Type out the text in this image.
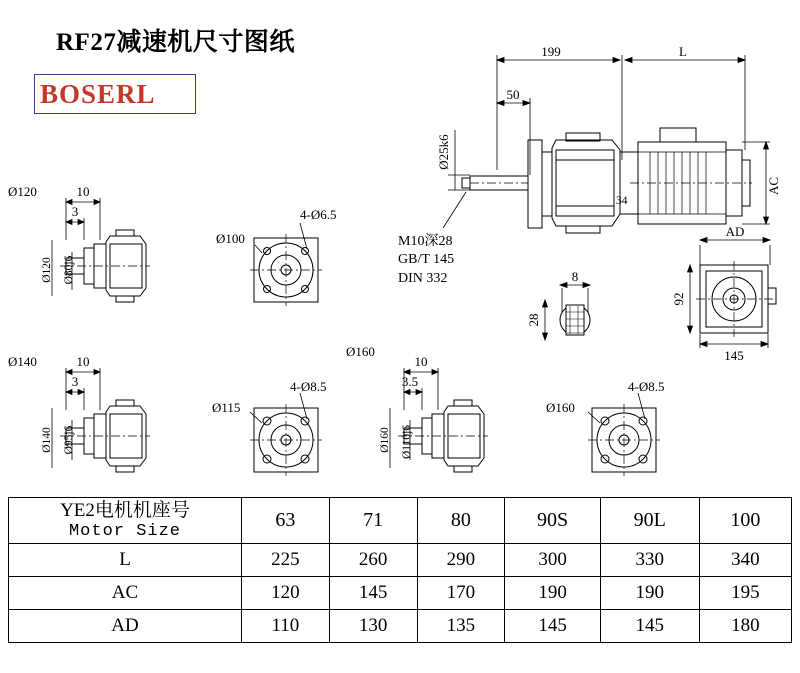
RF27减速机尺寸图纸
BOSERL
199	L
50
Ø25k6
34
AC
M10深28
GB/T 145
DIN 332	8
28
AD
92
145
Ø120	10
3
Ø80j6
Ø120
Ø100
4-Ø6.5
Ø140	10
3
Ø95j6
Ø140
Ø115
4-Ø8.5
Ø160
10
3.5
Ø110j6
Ø160
Ø160
4-Ø8.5
YE2电机机座号
Motor Size	63	71	80	90S	90L	100
L	225	260	290	300	330	340
AC	120	145	170	190	190	195
AD	110	130	135	145	145	180
